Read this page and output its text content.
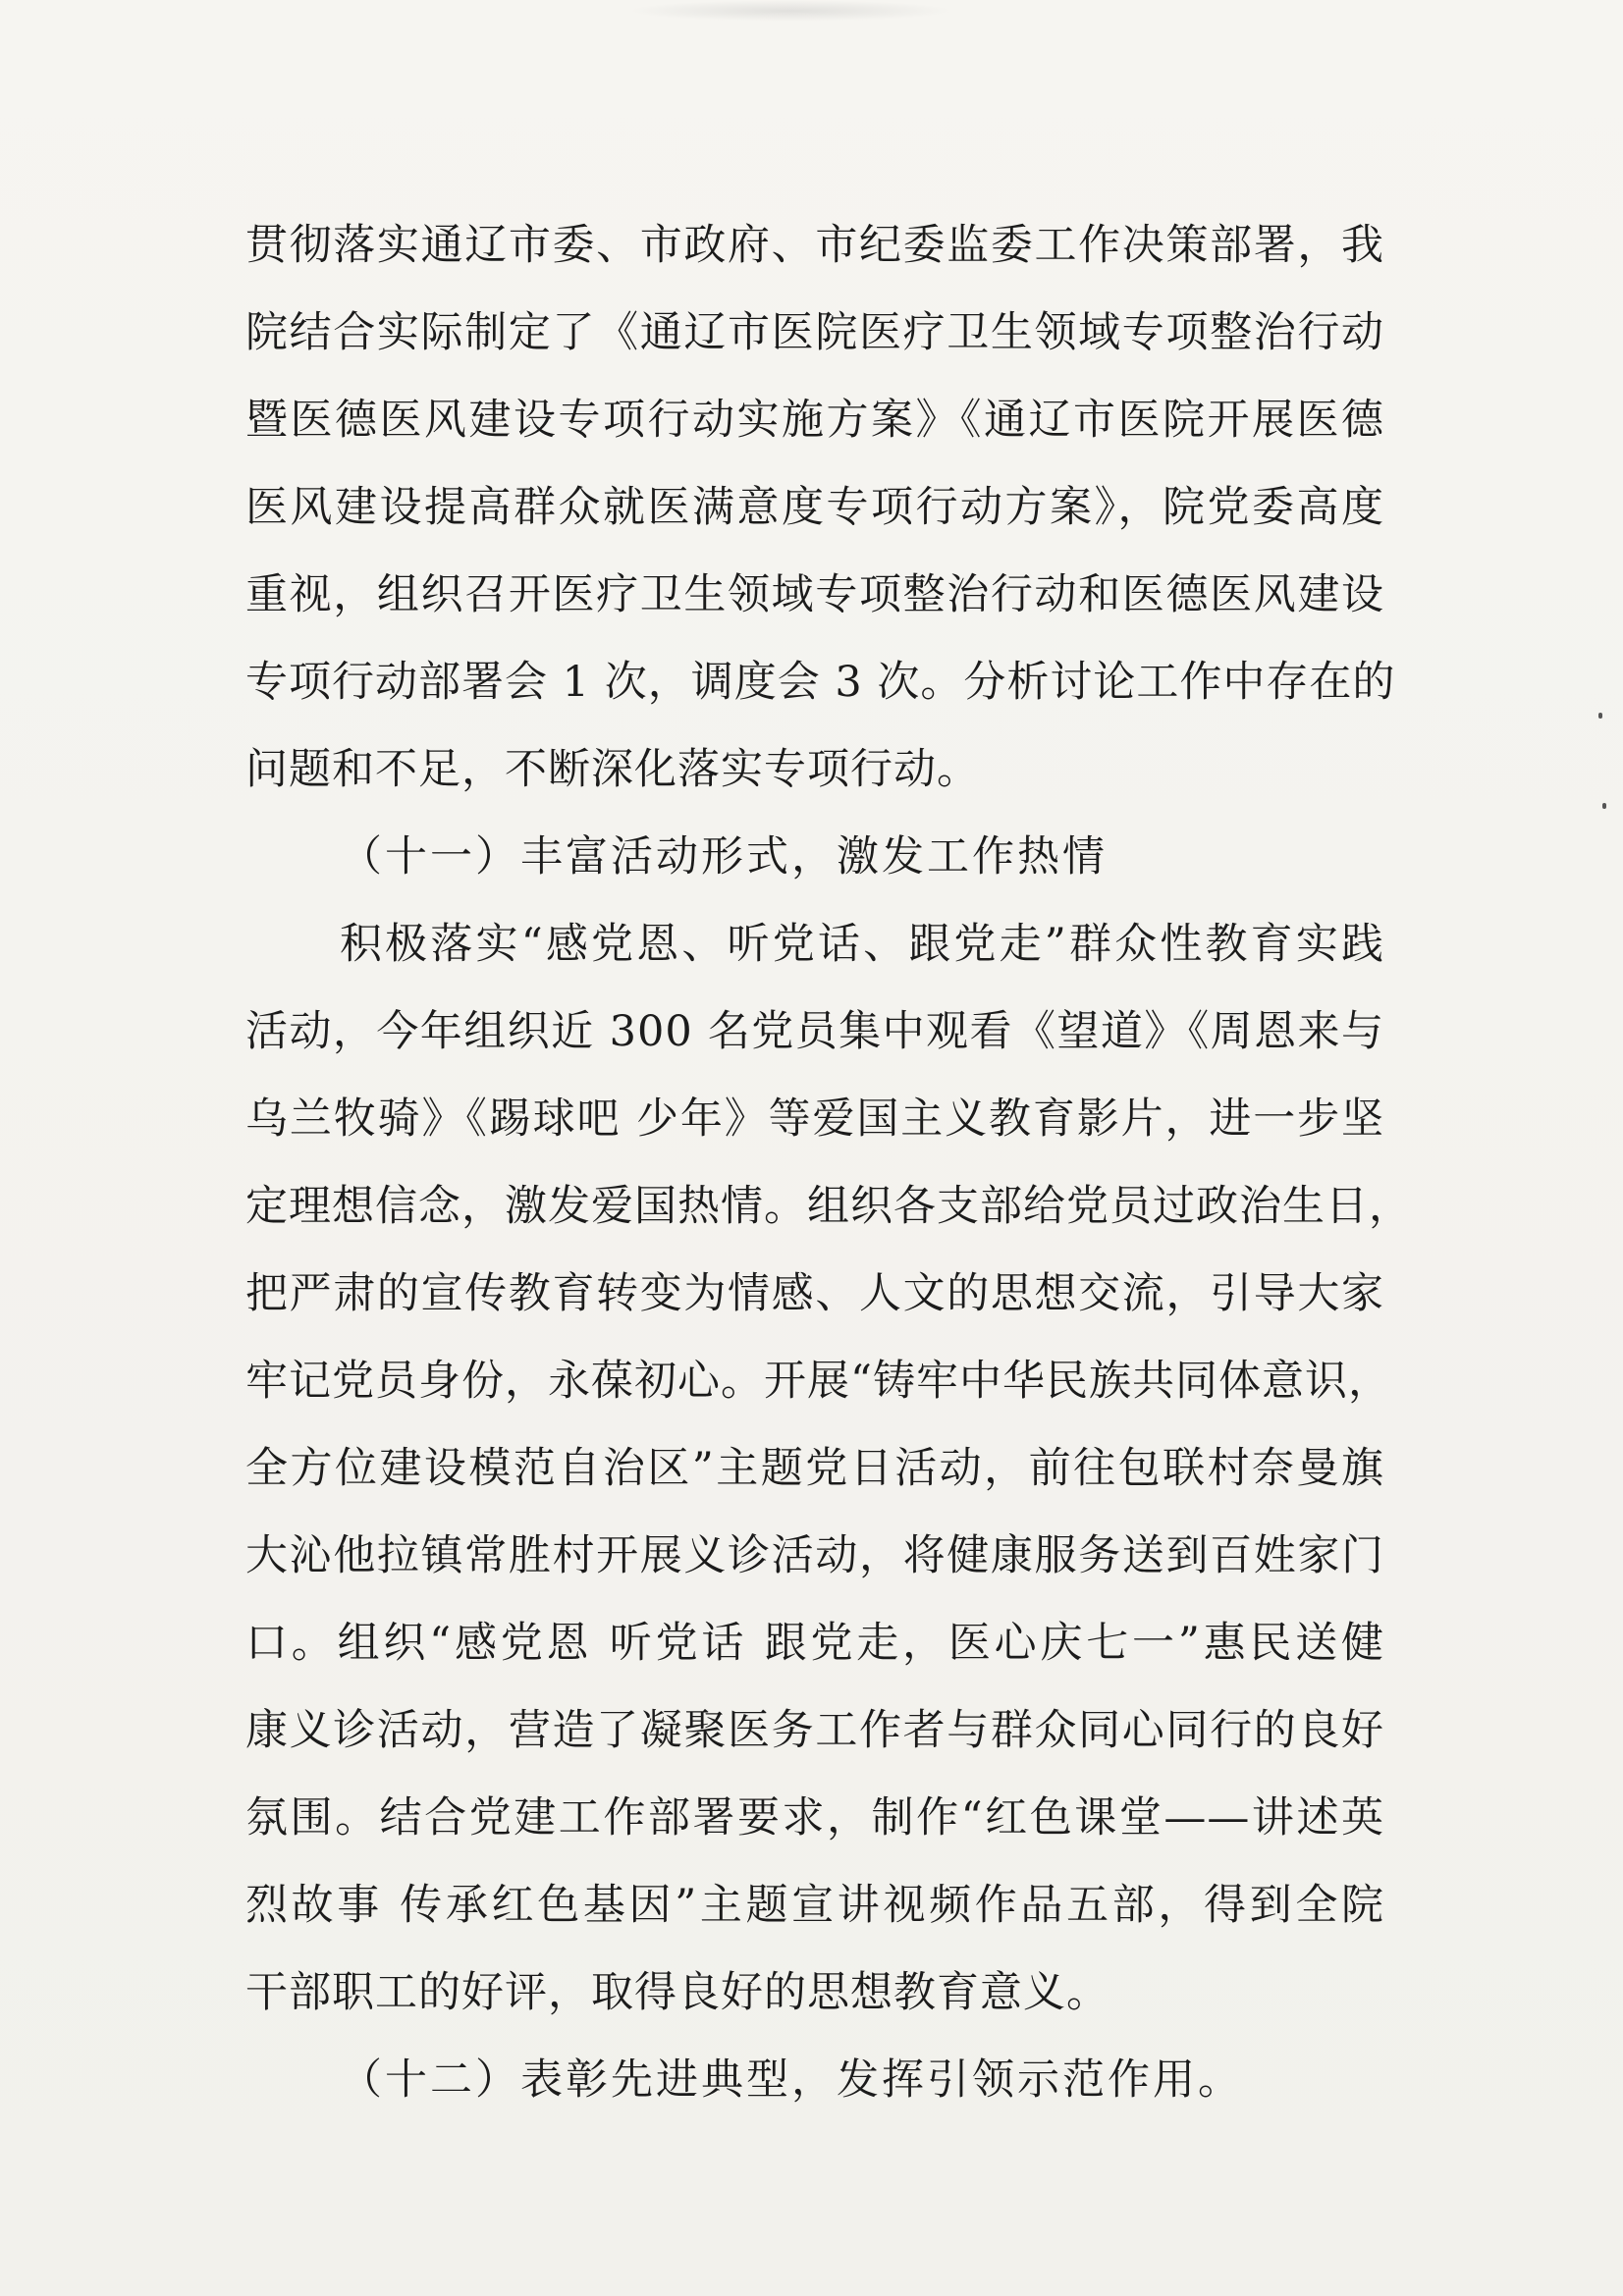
贯彻落实通辽市委、市政府、市纪委监委工作决策部署，我
院结合实际制定了《通辽市医院医疗卫生领域专项整治行动
暨医德医风建设专项行动实施方案》《通辽市医院开展医德
医风建设提高群众就医满意度专项行动方案》，院党委高度
重视，组织召开医疗卫生领域专项整治行动和医德医风建设
专项行动部署会 1 次，调度会 3 次。分析讨论工作中存在的
问题和不足，不断深化落实专项行动。
（十一）丰富活动形式，激发工作热情
积极落实“感党恩、听党话、跟党走”群众性教育实践
活动，今年组织近 300 名党员集中观看《望道》《周恩来与
乌兰牧骑》《踢球吧 少年》等爱国主义教育影片，进一步坚
定理想信念，激发爱国热情。组织各支部给党员过政治生日，
把严肃的宣传教育转变为情感、人文的思想交流，引导大家
牢记党员身份，永葆初心。开展“铸牢中华民族共同体意识，
全方位建设模范自治区”主题党日活动，前往包联村奈曼旗
大沁他拉镇常胜村开展义诊活动，将健康服务送到百姓家门
口。组织“感党恩 听党话 跟党走，医心庆七一”惠民送健
康义诊活动，营造了凝聚医务工作者与群众同心同行的良好
氛围。结合党建工作部署要求，制作“红色课堂——讲述英
烈故事 传承红色基因”主题宣讲视频作品五部，得到全院
干部职工的好评，取得良好的思想教育意义。
（十二）表彰先进典型，发挥引领示范作用。
